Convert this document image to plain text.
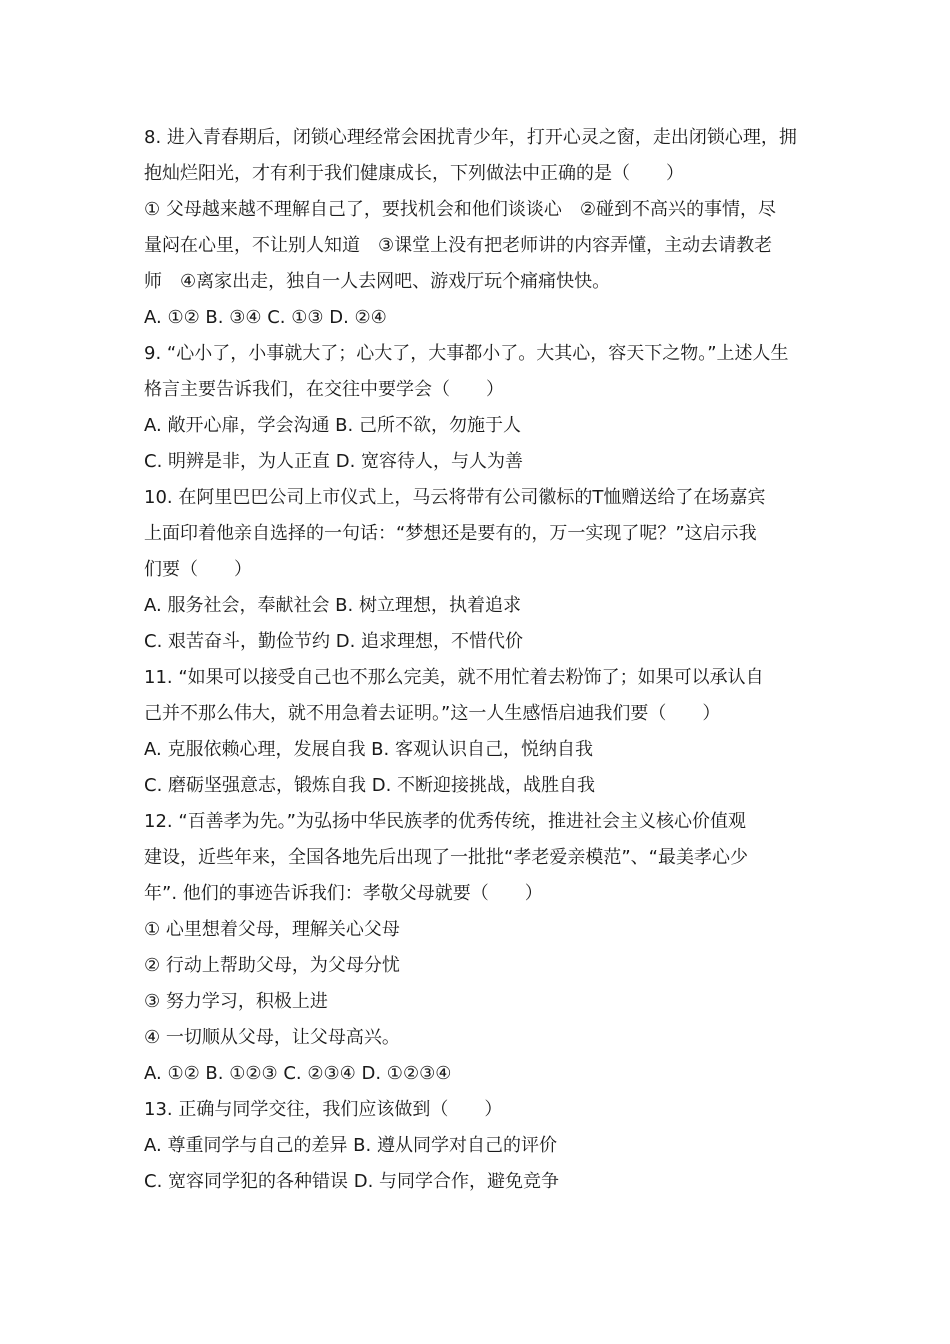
8. 进入青春期后，闭锁心理经常会困扰青少年，打开心灵之窗，走出闭锁心理，拥

抱灿烂阳光，才有利于我们健康成长，下列做法中正确的是（　　）

① 父母越来越不理解自己了，要找机会和他们谈谈心　②碰到不高兴的事情，尽

量闷在心里，不让别人知道　③课堂上没有把老师讲的内容弄懂，主动去请教老

师　④离家出走，独自一人去网吧、游戏厅玩个痛痛快快。

A. ①② B. ③④ C. ①③ D. ②④

9. “心小了，小事就大了；心大了，大事都小了。大其心，容天下之物。”上述人生

格言主要告诉我们，在交往中要学会（　　）

A. 敞开心扉，学会沟通 B. 己所不欲，勿施于人

C. 明辨是非，为人正直 D. 宽容待人，与人为善

10. 在阿里巴巴公司上市仪式上，马云将带有公司徽标的T恤赠送给了在场嘉宾

上面印着他亲自选择的一句话：“梦想还是要有的，万一实现了呢？”这启示我

们要（　　）

A. 服务社会，奉献社会 B. 树立理想，执着追求

C. 艰苦奋斗，勤俭节约 D. 追求理想，不惜代价

11. “如果可以接受自己也不那么完美，就不用忙着去粉饰了；如果可以承认自

己并不那么伟大，就不用急着去证明。”这一人生感悟启迪我们要（　　）

A. 克服依赖心理，发展自我 B. 客观认识自己，悦纳自我

C. 磨砺坚强意志，锻炼自我 D. 不断迎接挑战，战胜自我

12. “百善孝为先。”为弘扬中华民族孝的优秀传统，推进社会主义核心价值观

建设，近些年来，全国各地先后出现了一批批“孝老爱亲模范”、“最美孝心少

年”. 他们的事迹告诉我们：孝敬父母就要（　　）

① 心里想着父母，理解关心父母

② 行动上帮助父母，为父母分忧

③ 努力学习，积极上进

④ 一切顺从父母，让父母高兴。

A. ①② B. ①②③ C. ②③④ D. ①②③④

13. 正确与同学交往，我们应该做到（　　）

A. 尊重同学与自己的差异 B. 遵从同学对自己的评价

C. 宽容同学犯的各种错误 D. 与同学合作，避免竞争
